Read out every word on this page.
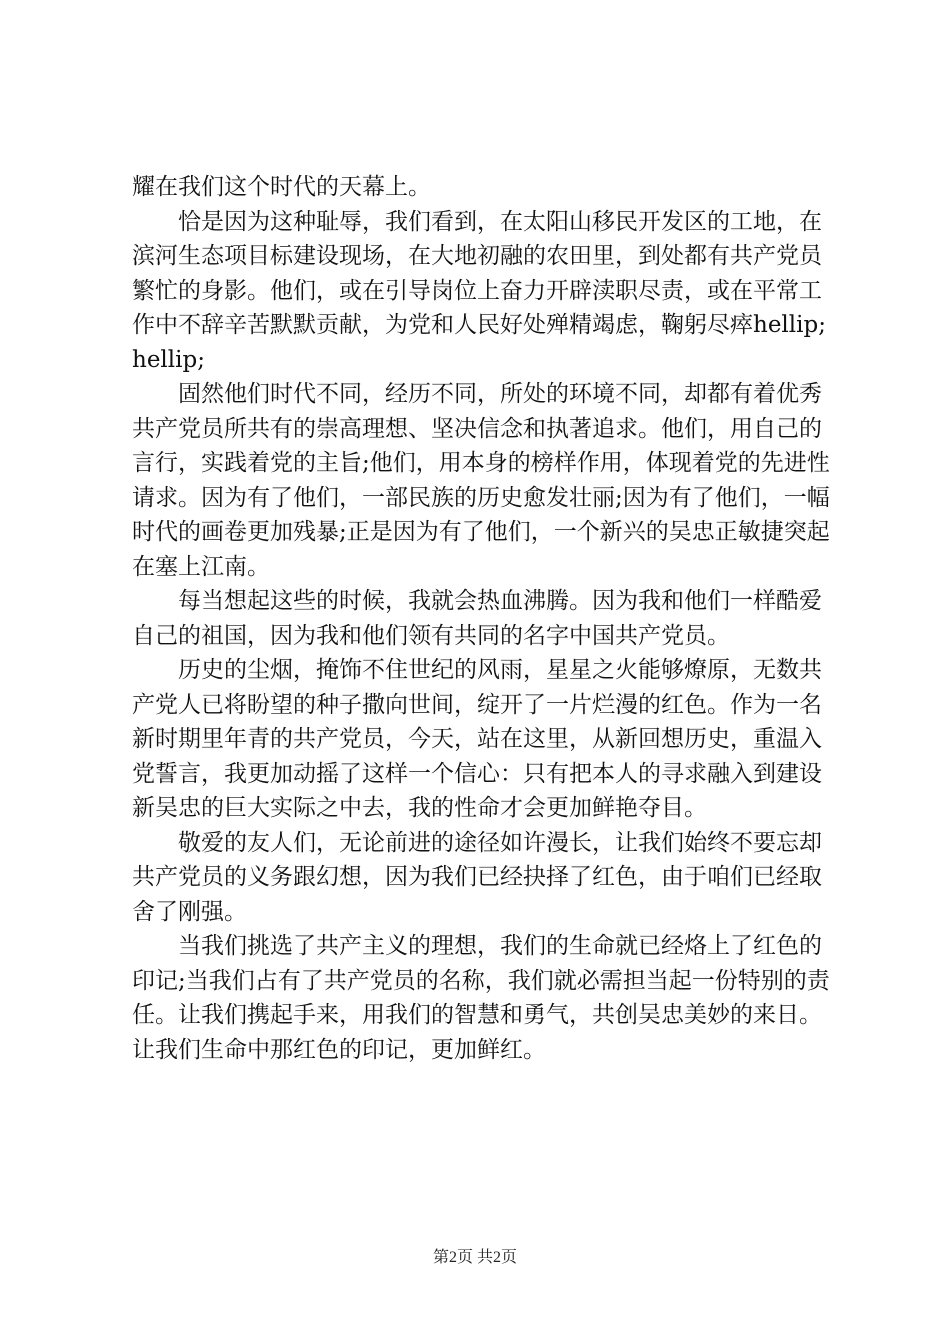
耀在我们这个时代的天幕上。

恰是因为这种耻辱，我们看到，在太阳山移民开发区的工地，在滨河生态项目标建设现场，在大地初融的农田里，到处都有共产党员繁忙的身影。他们，或在引导岗位上奋力开辟渎职尽责，或在平常工作中不辞辛苦默默贡献，为党和人民好处殚精竭虑，鞠躬尽瘁hellip;hellip;

固然他们时代不同，经历不同，所处的环境不同，却都有着优秀共产党员所共有的崇高理想、坚决信念和执著追求。他们，用自己的言行，实践着党的主旨;他们，用本身的榜样作用，体现着党的先进性请求。因为有了他们，一部民族的历史愈发壮丽;因为有了他们，一幅时代的画卷更加残暴;正是因为有了他们，一个新兴的吴忠正敏捷突起在塞上江南。

每当想起这些的时候，我就会热血沸腾。因为我和他们一样酷爱自己的祖国，因为我和他们领有共同的名字中国共产党员。

历史的尘烟，掩饰不住世纪的风雨，星星之火能够燎原，无数共产党人已将盼望的种子撒向世间，绽开了一片烂漫的红色。作为一名新时期里年青的共产党员，今天，站在这里，从新回想历史，重温入党誓言，我更加动摇了这样一个信心：只有把本人的寻求融入到建设新吴忠的巨大实际之中去，我的性命才会更加鲜艳夺目。

敬爱的友人们，无论前进的途径如许漫长，让我们始终不要忘却共产党员的义务跟幻想，因为我们已经抉择了红色，由于咱们已经取舍了刚强。

当我们挑选了共产主义的理想，我们的生命就已经烙上了红色的印记;当我们占有了共产党员的名称，我们就必需担当起一份特别的责任。让我们携起手来，用我们的智慧和勇气，共创吴忠美妙的来日。让我们生命中那红色的印记，更加鲜红。

第2页 共2页
